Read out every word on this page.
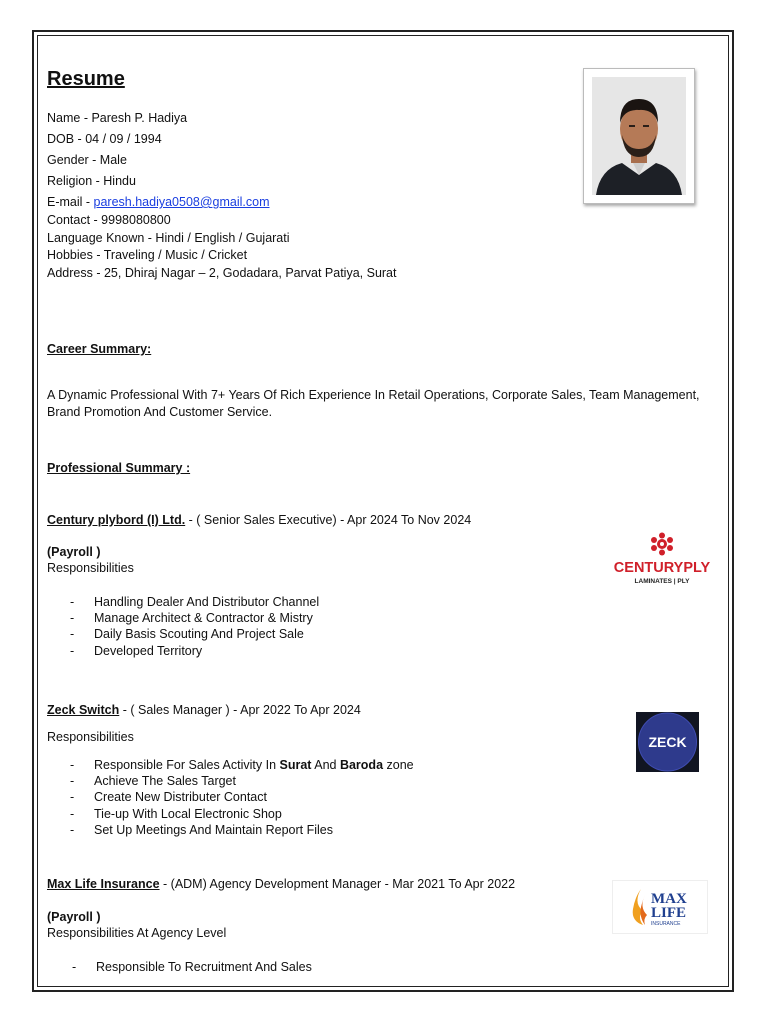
Resume
Name - Paresh P. Hadiya
DOB - 04 / 09 / 1994
Gender - Male
Religion - Hindu
E-mail - paresh.hadiya0508@gmail.com
Contact - 9998080800
Language Known - Hindi / English / Gujarati
Hobbies - Traveling / Music / Cricket
Address - 25, Dhiraj Nagar – 2, Godadara, Parvat Patiya, Surat
Career Summary:
A Dynamic Professional With 7+ Years Of Rich Experience In Retail Operations, Corporate Sales, Team Management,
Brand Promotion And Customer Service.
Professional Summary :
Century plybord (I) Ltd. - ( Senior Sales Executive) - Apr 2024 To Nov 2024
(Payroll )
Responsibilities
- Handling Dealer And Distributor Channel
- Manage Architect & Contractor & Mistry
- Daily Basis Scouting And Project Sale
- Developed Territory
CENTURYPLY
LAMINATES | PLY
Zeck Switch - ( Sales Manager ) - Apr 2022 To Apr 2024
Responsibilities
- Responsible For Sales Activity In Surat And Baroda zone
- Achieve The Sales Target
- Create New Distributer Contact
- Tie-up With Local Electronic Shop
- Set Up Meetings And Maintain Report Files
ZECK
Max Life Insurance - (ADM) Agency Development Manager - Mar 2021 To Apr 2022
(Payroll )
Responsibilities At Agency Level
- Responsible To Recruitment And Sales
MAX
LIFE
INSURANCE
